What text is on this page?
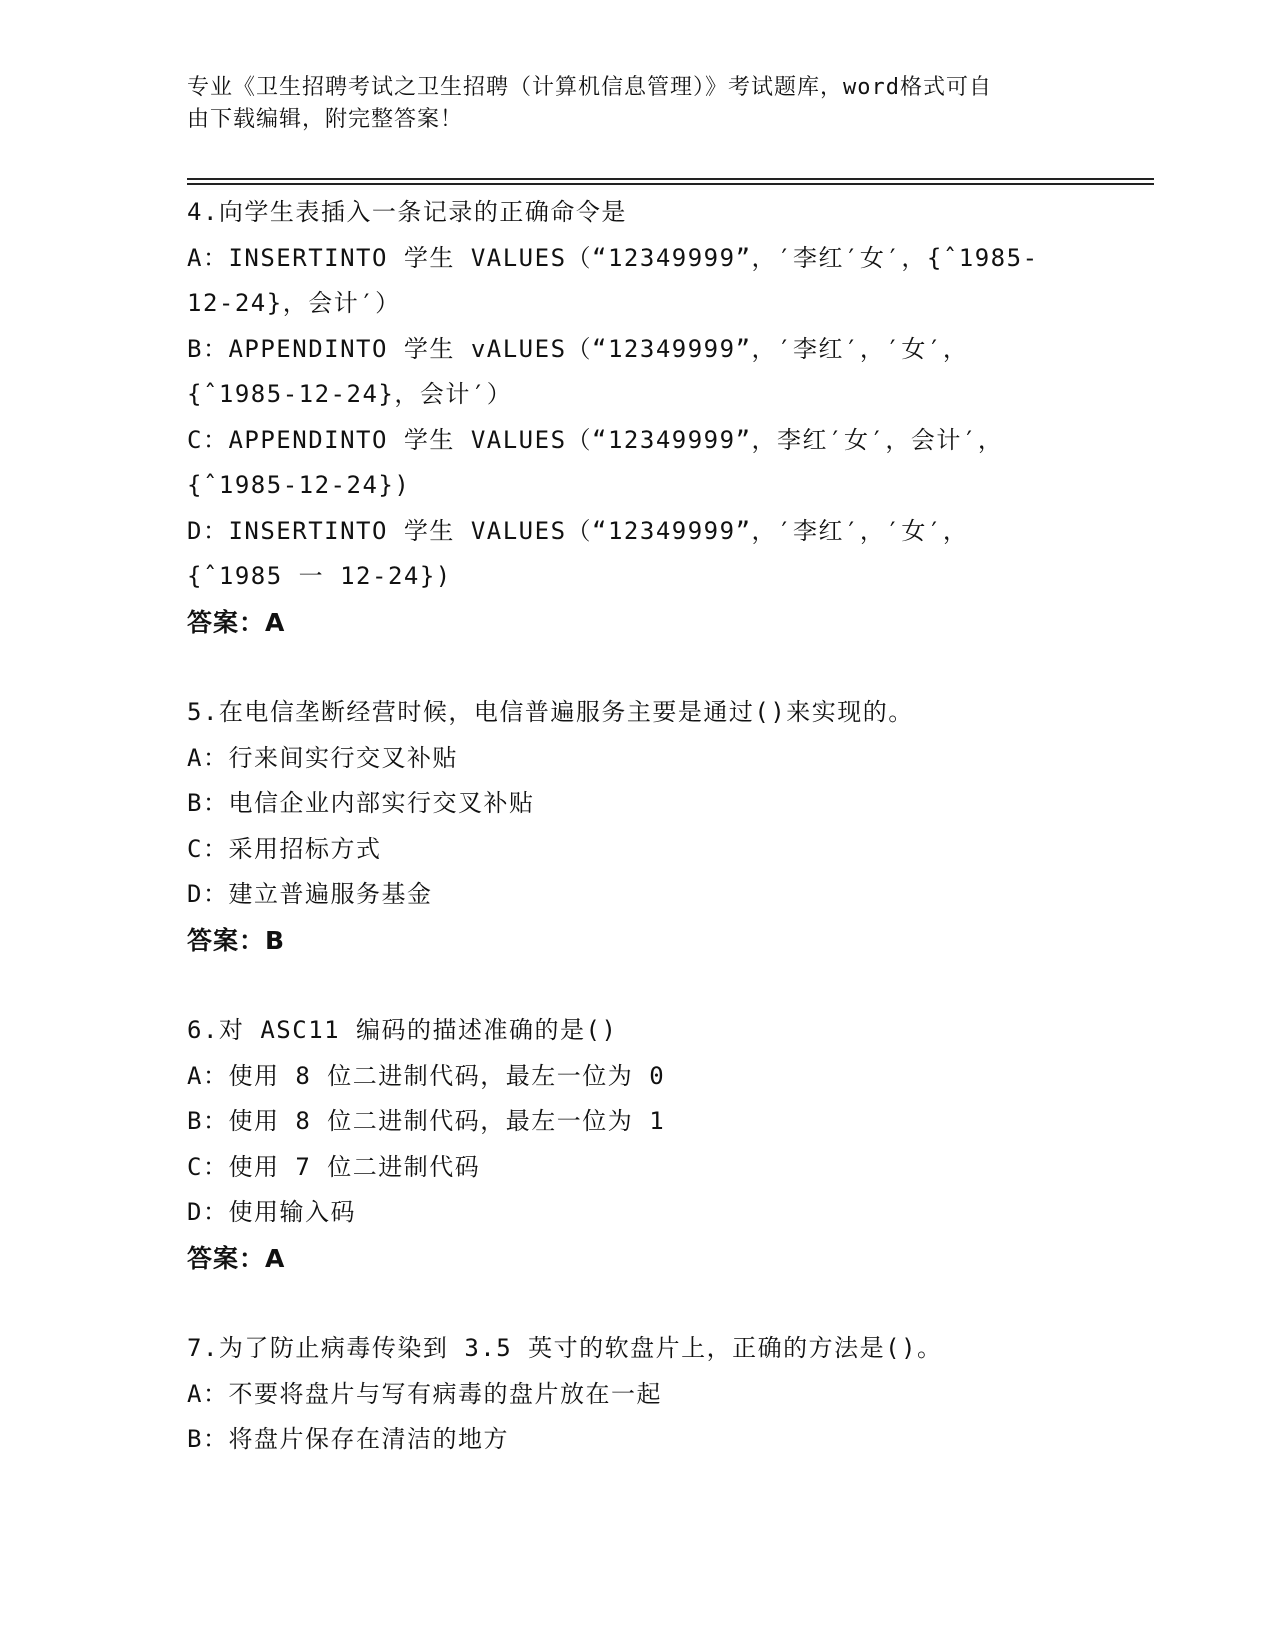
专业《卫生招聘考试之卫生招聘（计算机信息管理）》考试题库，word格式可自
由下载编辑，附完整答案！
4.向学生表插入一条记录的正确命令是
A：INSERTINTO 学生 VALUES（“12349999”，′李红′女′，{ˆ1985-
12-24}，会计′）
B：APPENDINTO 学生 vALUES（“12349999”，′李红′，′女′，
{ˆ1985-12-24}，会计′）
C：APPENDINTO 学生 VALUES（“12349999”，李红′女′，会计′，
{ˆ1985-12-24})
D：INSERTINTO 学生 VALUES（“12349999”，′李红′，′女′，
{ˆ1985 一 12-24})
答案：A
5.在电信垄断经营时候，电信普遍服务主要是通过()来实现的。
A：行来间实行交叉补贴
B：电信企业内部实行交叉补贴
C：采用招标方式
D：建立普遍服务基金
答案：B
6.对 ASC11 编码的描述准确的是()
A：使用 8 位二进制代码，最左一位为 0
B：使用 8 位二进制代码，最左一位为 1
C：使用 7 位二进制代码
D：使用输入码
答案：A
7.为了防止病毒传染到 3.5 英寸的软盘片上，正确的方法是()。
A：不要将盘片与写有病毒的盘片放在一起
B：将盘片保存在清洁的地方
